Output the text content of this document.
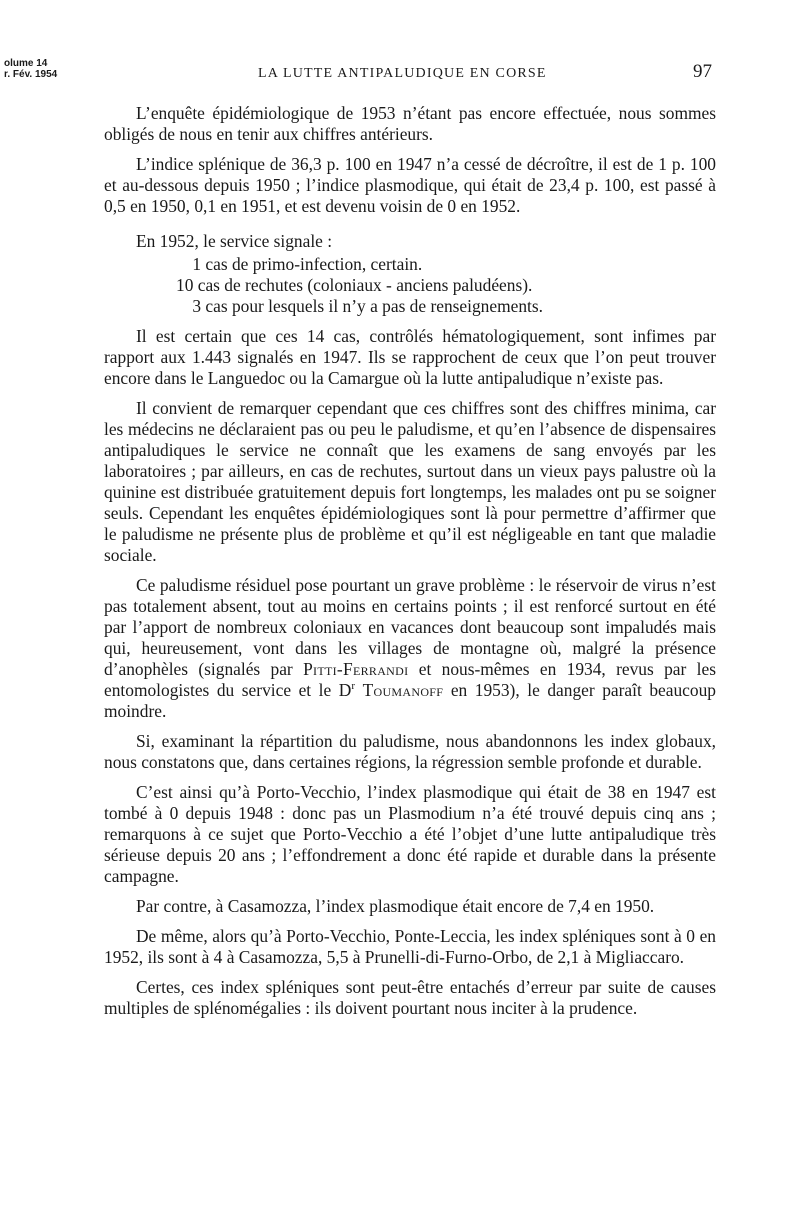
olume 14
r. Fév. 1954	LA LUTTE ANTIPALUDIQUE EN CORSE	97

L’enquête épidémiologique de 1953 n’étant pas encore effectuée, nous sommes obligés de nous en tenir aux chiffres antérieurs.

L’indice splénique de 36,3 p. 100 en 1947 n’a cessé de décroître, il est de 1 p. 100 et au-dessous depuis 1950 ; l’indice plasmodique, qui était de 23,4 p. 100, est passé à 0,5 en 1950, 0,1 en 1951, et est devenu voisin de 0 en 1952.

En 1952, le service signale :

1 cas de primo-infection, certain.
10 cas de rechutes (coloniaux - anciens paludéens).
3 cas pour lesquels il n’y a pas de renseignements.

Il est certain que ces 14 cas, contrôlés hématologiquement, sont infimes par rapport aux 1.443 signalés en 1947. Ils se rapprochent de ceux que l’on peut trouver encore dans le Languedoc ou la Camargue où la lutte antipaludique n’existe pas.

Il convient de remarquer cependant que ces chiffres sont des chiffres minima, car les médecins ne déclaraient pas ou peu le paludisme, et qu’en l’absence de dispensaires antipaludiques le service ne connaît que les examens de sang envoyés par les laboratoires ; par ailleurs, en cas de rechutes, surtout dans un vieux pays palustre où la quinine est distribuée gratuitement depuis fort longtemps, les malades ont pu se soigner seuls. Cependant les enquêtes épidémiologiques sont là pour permettre d’affirmer que le paludisme ne présente plus de problème et qu’il est négligeable en tant que maladie sociale.

Ce paludisme résiduel pose pourtant un grave problème : le réservoir de virus n’est pas totalement absent, tout au moins en certains points ; il est renforcé surtout en été par l’apport de nombreux coloniaux en vacances dont beaucoup sont impaludés mais qui, heureusement, vont dans les villages de montagne où, malgré la présence d’anophèles (signalés par Pitti-Ferrandi et nous-mêmes en 1934, revus par les entomologistes du service et le $D^r$ Toumanoff en 1953), le danger paraît beaucoup moindre.

Si, examinant la répartition du paludisme, nous abandonnons les index globaux, nous constatons que, dans certaines régions, la régression semble profonde et durable.

C’est ainsi qu’à Porto-Vecchio, l’index plasmodique qui était de 38 en 1947 est tombé à 0 depuis 1948 : donc pas un Plasmodium n’a été trouvé depuis cinq ans ; remarquons à ce sujet que Porto-Vecchio a été l’objet d’une lutte antipaludique très sérieuse depuis 20 ans ; l’effondrement a donc été rapide et durable dans la présente campagne.

Par contre, à Casamozza, l’index plasmodique était encore de 7,4 en 1950.

De même, alors qu’à Porto-Vecchio, Ponte-Leccia, les index spléniques sont à 0 en 1952, ils sont à 4 à Casamozza, 5,5 à Prunelli-di-Furno-Orbo, de 2,1 à Migliaccaro.

Certes, ces index spléniques sont peut-être entachés d’erreur par suite de causes multiples de splénomégalies : ils doivent pourtant nous inciter à la prudence.
